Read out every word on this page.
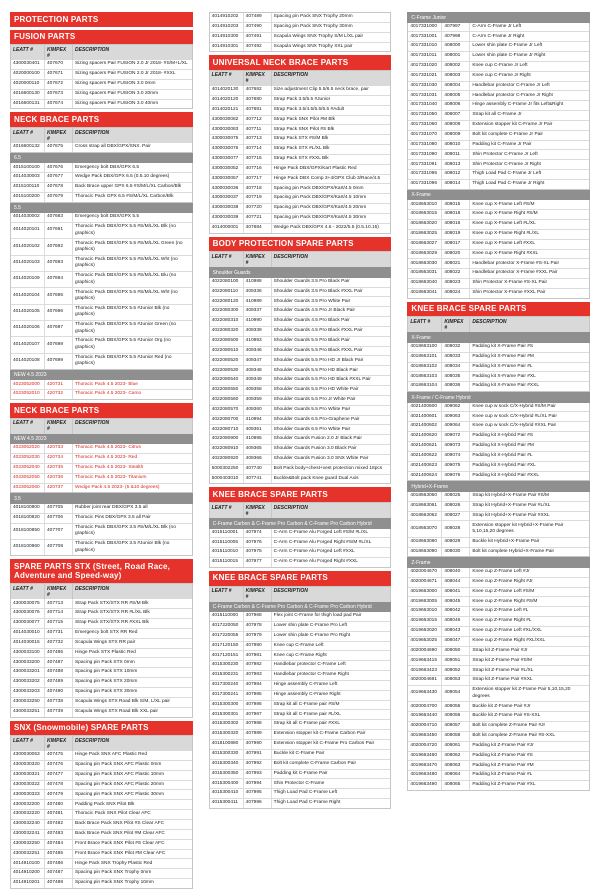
PROTECTION PARTS
FUSION PARTS
LEATT #	KIMPEX #
DESCRIPTION
4300030401	407670	Sizing spacers Pair FUSION 2.0 Jr 2018- #S/M+L/XL
4020000100	407671	Sizing spacers Pair FUSION 2.0 Jr 2018- #XXL
4020000110	407672	Sizing spacers Pair FUSION 3.0 0mm
4016600130	407673	Sizing spacers Pair FUSION 3.0 20mm
4016600131	407674	Sizing spacers Pair FUSION 3.0 40mm
NECK BRACE PARTS
LEATT #	KIMPEX #
DESCRIPTION
4016600132	407675	Cross strap all DBX/GPX/SNX. Pair
6.5
4015100100	407676	Emergency bolt DBX/GPX 6.5
4014030003	407677	Wedge Pack DBX/GPX 6.5 (0.5.10 degrees)
4015100110	407678	Back Brace upper GPX 6.5 #S/M/L/XL Carbon/Blk
4015100200	407679	Thoracic Pack GPX 6.5 #S/M/L/XL Carbon/Blk
5.5
4014030002	407683	Emergency bolt DBX/GPX 5.5
4014020101	407691
Thoracic Pack DBX/GPX 5.5 #S/M/L/XL Blk (no graphics)
4014020102	407692
Thoracic Pack DBX/GPX 5.5 #S/M/L/XL Green (no graphics)
4014020103	407693
Thoracic Pack DBX/GPX 5.5 #S/M/L/XL Wht (no graphics)
4014020109	407694
Thoracic Pack DBX/GPX 5.5 #S/M/L/XL Blu (no graphics)
4014020104	407695
Thoracic Pack DBX/GPX 5.5 #S/M/L/XL Wht (no graphics)
4014020105	407696
Thoracic Pack DBX/GPX 5.5 #Junior Blk (no graphics)
4014020106	407697
Thoracic Pack DBX/GPX 5.5 #Junior Green (no graphics)
4014020107	407698
Thoracic Pack DBX/GPX 5.5 #Junior Org (no graphics)
4014020108	407699
Thoracic Pack DBX/GPX 5.5 #Junior Red (no graphics)
NEW 4.5 2023
4023052000	420731	Thoracic Pack 4.5 2023- Blue
4023052010	420732	Thoracic Pack 4.5 2023- Camo
NECK BRACE PARTS
LEATT #	KIMPEX #
DESCRIPTION
NEW 4.5 2023
4023052020	420733	Thoracic Pack 4.5 2023- Citrus
4023052030	420734	Thoracic Pack 4.5 2023- Red
4023052040	420735	Thoracic Pack 4.5 2023- Stealth
4023052050	420736	Thoracic Pack 4.5 2023- Titanium
4023052060	420737	Wedge Pack 4.5 2023- (5 &10 degrees)
3.5
4018100800	407705	Rubber joint rear DBX/GPX 3.5 all
4018100820	407706	Thoracic Pins DBX/GPX 3.5 all Pair
4018100850	407707
Thoracic Pack DBX/GPX 3.5 #S/M/L/XL Blk (no graphics)
4018100860	407708
Thoracic Pack DBX/GPX 3.5 #Junior Blk (no graphics)
SPARE PARTS STX (Street, Road Race, Adventure and Speed-way)
LEATT #	KIMPEX #
DESCRIPTION
4300030075	407713	Strap Pack STX/STX RR #S/M Blk
4300030076	407714	Strap Pack STX/STX RR #L/XL Blk
4300030077	407715	Strap Pack STX/STX RR #XXL Blk
4014030010	407731	Emergency bolt STX RR Red
4014030015	407732	Scapula Wings STX RR pair
4300033100	407486	Hinge Pack STX Plastic Red
4300033200	407487	Spacing pin Pack STX 0mm
4300033201	407488	Spacing pin Pack STX 10mm
4300033202	407489	Spacing pin Pack STX 20mm
4300033203	407490	Spacing pin Pack STX 30mm
4300033250	407738	Scapula Wings STX Road Blk S/M, L/XL pair
4300033251	407739	Scapula Wings STX Road Blk XXL pair
SNX (Snowmobile) SPARE PARTS
LEATT #	KIMPEX #
DESCRIPTION
4300030053	407475	Hinge Pack SNX AFC Plastic Red
4300030320	407476	Spacing pin Pack SNX AFC Plastic 0mm
4300030321	407477	Spacing pin Pack SNX AFC Plastic 10mm
4300030322	407478	Spacing pin Pack SNX AFC Plastic 20mm
4300030323	407479	Spacing pin Pack SNX AFC Plastic 30mm
4300032200	407480	Padding Pack SNX Pilot Blk
4300032220	407481	Thoracic Pack SNX Pilot Clear AFC
4300032240	407482	Back Brace Pack SNX Pilot #S Clear AFC
4300032241	407483	Back Brace Pack SNX Pilot #M Clear AFC
4300032250	407484	Front Brace Pack SNX Pilot #S Clear AFC
4300032251	407485	Front Brace Pack SNX Pilot #M Clear AFC
4014910100	407486	Hinge Pack SNX Trophy Plastic Red
4014910200	407487	Spacing pin Pack SNX Trophy 0mm
4014910201	407488	Spacing pin Pack SNX Trophy 10mm
4014910202	407489	Spacing pin Pack SNX Trophy 20mm
4014910203	407490	Spacing pin Pack SNX Trophy 30mm
4014910300	407491	Scapula Wings SNX Trophy S/M L/XL pair
4014910301	407492	Scapula Wings SNX Trophy XXL pair
UNIVERSAL NECK BRACE PARTS
LEATT #	KIMPEX #
DESCRIPTION
4014020130	407682	Size adjustment Clip 5.5/6.5 neck brace, pair
4014020120	407680	Strap Pack 3.5/5.5 #Junior
4014020121	407681	Strap Pack 3.5/4.5/5.5/6.5 #Adult
4300030082	407712	Strap Pack SNX Pilot #M Blk
4300030083	407711	Strap Pack SNX Pilot #S Blk
4300030075	407713	Strap Pack STX #S/M Blk
4300030076	407714	Strap Pack STX #L/XL Blk
4300030077	407715	Strap Pack STX #XXL Blk
4300030052	407716	Hinge Pack DBX/GPX/Kart Plastic Red
4300030057	407717	Hinge Pack DBX Comp 3+4/GPX Club 3/Race/4.5
4300030036	407718	Spacing pin Pack DBX/GPX/Kart/4.5 0mm
4300030037	407719	Spacing pin Pack DBX/GPX/Kart/4.5 10mm
4300030038	407720	Spacing pin Pack DBX/GPX/Kart/4.5 20mm
4300030039	407721	Spacing pin Pack DBX/GPX/Kart/4.5 30mm
4014000001	407684	Wedge Pack DBX/GPX 4.5 - 2022/5.5 (0.5.10.15)
BODY PROTECTION SPARE PARTS
LEATT #	KIMPEX #
DESCRIPTION
Shoulder Guards
4022080100	410988	Shoulder Guards 3.5 Pro Black Pair
4022080110	409336	Shoulder Guards 3.5 Pro Black #XXL Pair
4022080120	410989	Shoulder Guards 3.5 Pro White Pair
4022080300	409337	Shoulder Guards 4.5 Pro Jr Black Pair
4022080310	410990	Shoulder Guards 4.5 Pro Black Pair
4022080320	409339	Shoulder Guards 4.5 Pro Black #XXL Pair
4022080500	410993	Shoulder Guards 5.5 Pro Black Pair
4022080510	409346	Shoulder Guards 5.5 Pro Black #XXL Pair
4022080520	409347	Shoulder Guards 5.5 Pro HD Jr Black Pair
4022080530	409348	Shoulder Guards 5.5 Pro HD Black Pair
4022080540	409349	Shoulder Guards 5.5 Pro HD Black #XXL Pair
4022080550	409358	Shoulder Guards 5.5 Pro HD White Pair
4022080560	409359	Shoulder Guards 5.5 Pro Jr White Pair
4022080570	409360	Shoulder Guards 5.5 Pro White Pair
4022080700	410994	Shoulder Guards 6.5 Pro-Graphene Pair
4022080710	409361	Shoulder Guards 6.5 Pro White Pair
4022080900	410995	Shoulder Guards Fusion 2.0 Jr Black Pair
4022080910	409365	Shoulder Guards Fusion 3.0 Black Pair
4022080920	409366	Shoulder Guards Fusion 3.0 SNX White Pair
5000302250	407740	Bolt Pack body+chest+vest protection mixed 18pcs
5000403010	407741	Buckle&Bolt pack Knee guard Dual Axis
KNEE BRACE SPARE PARTS
LEATT #	KIMPEX #
DESCRIPTION
C-Frame Carbon & C-Frame Pro Carbon & C-Frame Pro Carbon Hybrid
4015110001	407974	C-Arm C-Frame Alu Forged Left #S/M #L/XL
4015110005	407976	C-Arm C-Frame Alu Forged Right #S/M #L/XL
4015110010	407975	C-Arm C-Frame Alu Forged Left #XXL
4015110015	407977	C-Arm C-Frame Alu Forged Right #XXL
KNEE BRACE SPARE PARTS
LEATT #	KIMPEX #
DESCRIPTION
C-Frame Carbon & C-Frame Pro Carbon & C-Frame Pro Carbon Hybrid
4015110000	407968	Flex joint C-Frame for thigh load pad Pair
4017220050	407978	Lower shin plate C-Frame Pro Left
4017220055	407979	Lower shin plate C-Frame Pro Right
4017120150	407980	Knee cup C-Frame Left
4017120151	407981	Knee cup C-Frame Right
4015300230	407982	Handlebar protector C-Frame Left
4015300231	407983	Handlebar protector C-Frame Right
4017300240	407984	Hinge assembly C-Frame Left
4017300241	407985	Hinge assembly C-Frame Right
4015300300	407986	Strap kit all C-Frame pair #S/M
4015300301	407987	Strap kit all C-Frame pair #L/XL
4015300302	407988	Strap kit all C-Frame pair #XXL
4015300320	407989	Extension stopper kit C-Frame Carbon Pair
4018100880	407990	Extension stopper kit C-Frame Pro Carbon Pair
4015300330	407991	Buckle kit C-Frame Pair
4015300340	407992	Bolt kit complete C-Frame Carbon Pair
4015300350	407993	Padding kit C-Frame Pair
4015300400	407994	Shin Protector C-Frame
4015300410	407995	Thigh Load Pad C-Frame Left
4015300411	407996	Thigh Load Pad C-Frame Right
C-Frame Junior
4017331000	407997	C-Arm C-Frame Jr Left
4017331001	407998	C-Arm C-Frame Jr Right
4017331010	408000	Lower shin plate C-Frame Jr Left
4017331011	408001	Lower shin plate C-Frame Jr Right
4017331020	408002	Knee cup C-Frame Jr Left
4017331021	408003	Knee cup C-Frame Jr Right
4017331030	408004	Handlebar protector C-Frame Jr Left
4017331031	408005	Handlebar protector C-Frame Jr Right
4017331040	408006	Hinge assembly C-Frame Jr fits Left&Right
4017331050	408007	Strap kit all C-Frame Jr
4017331060	408008	Extension stopper kit C-Frame Jr Pair
4017331070	408009	Bolt kit complete C-Frame Jr Pair
4017331080	408010	Padding kit C-Frame Jr Pair
4017331090	408011	Shin Protector C-Frame Jr Left
4017331091	408013	Shin Protector C-Frame Jr Right
4017331095	408012	Thigh Load Pad C-Frame Jr Left
4017331096	408014	Thigh Load Pad C-Frame Jr Right
X-Frame
4018663010	408015	Knee cup X-Frame Left #S/M
4018663015	408018	Knee cup X-Frame Right #S/M
4018663020	408016	Knee cup X-Frame Left #L/XL
4018663025	408019	Knee cup X-Frame Right #L/XL
4018663027	408017	Knee cup X-Frame Left #XXL
4018663029	408020	Knee cup X-Frame Right #XXL
4018663030	408021	Handlebar protector X-Frame #S-XL Pair
4018663031	408022	Handlebar protector X-Frame #XXL Pair
4018663040	408023	Shin Protector X-Frame #S-XL Pair
4018663041	408024	Shin Protector X-Frame #XXL Pair
KNEE BRACE SPARE PARTS
LEATT #	KIMPEX #
DESCRIPTION
X-Frame
4018663100	408032	Padding kit X-Frame Pair #S
4018663101	408033	Padding kit X-Frame Pair #M
4018663102	408034	Padding kit X-Frame Pair #L
4018663103	408035	Padding kit X-Frame Pair #XL
4018663104	408036	Padding kit X-Frame Pair #XXL
X-Frame / C-Frame Hybrid
4021400600	409062	Knee cup w sock C/X-Hybrid #S/M Pair
4021400601	409063	Knee cup w sock C/X-Hybrid #L/XL Pair
4021400602	409064	Knee cup w sock C/X-Hybrid #XXL Pair
4021400620	409072	Padding kit X-Hybrid Pair #S
4021400621	409073	Padding kit X-Hybrid Pair #M
4021400622	409074	Padding kit X-Hybrid Pair #L
4021400623	409075	Padding kit X-Hybrid Pair #XL
4021400624	409076	Padding kit X-Hybrid Pair #XXL
Hybrid+X-Frame
4018663060	408025	Strap kit Hybrid+X-Frame Pair #S/M
4018663061	408026	Strap kit Hybrid+X-Frame Pair #L/XL
4018663062	408027	Strap kit Hybrid+X-Frame Pair #XXL
4018663070	408028
Extension stopper kit Hybrid+X-Frame Pair 5,10,15,20 degrees
4018663080	408029	Buckle kit Hybrid+X-Frame Pair
4018663090	408030	Bolt kit complete Hybrid+X-Frame Pair
Z-Frame
4020004670	408040	Knee cup Z-Frame Left #Jr
4020004671	408044	Knee cup Z-Frame Right #Jr
4019663000	408041	Knee cup Z-Frame Left #S/M
4019663005	408045	Knee cup Z-Frame Right #S/M
4019663010	408042	Knee cup Z-Frame Left #L
4019663015	408046	Knee cup Z-Frame Right #L
4019663020	408043	Knee cup Z-Frame Left #XL/XXL
4019663025	408047	Knee cup Z-Frame Right #XL/XXL
4020004690	408050	Strap kit Z-Frame Pair #Jr
4019663415	408051	Strap kit Z-Frame Pair #S/M
4019663423	408052	Strap kit Z-Frame Pair #L/XL
4020004691	408053	Strap kit Z-Frame Pair #XXL
4019663430	408054
Extension stopper kit Z-Frame Pair 5,10,15,20 degrees
4020004700	408055	Buckle kit Z-Frame Pair #Jr
4019663440	408056	Buckle kit Z-Frame Pair #S-XXL
4020004710	408057	Bolt kit complete Z-Frame Pair #Jr
4019663450	408058	Bolt kit complete Z-Frame Pair #S-XXL
4020004720	408061	Padding kit Z-Frame Pair #Jr
4019663460	408062	Padding kit Z-Frame Pair #S
4019663470	408063	Padding kit Z-Frame Pair #M
4019663480	408064	Padding kit Z-Frame Pair #L
4019663490	408065	Padding kit Z-Frame Pair #XL
